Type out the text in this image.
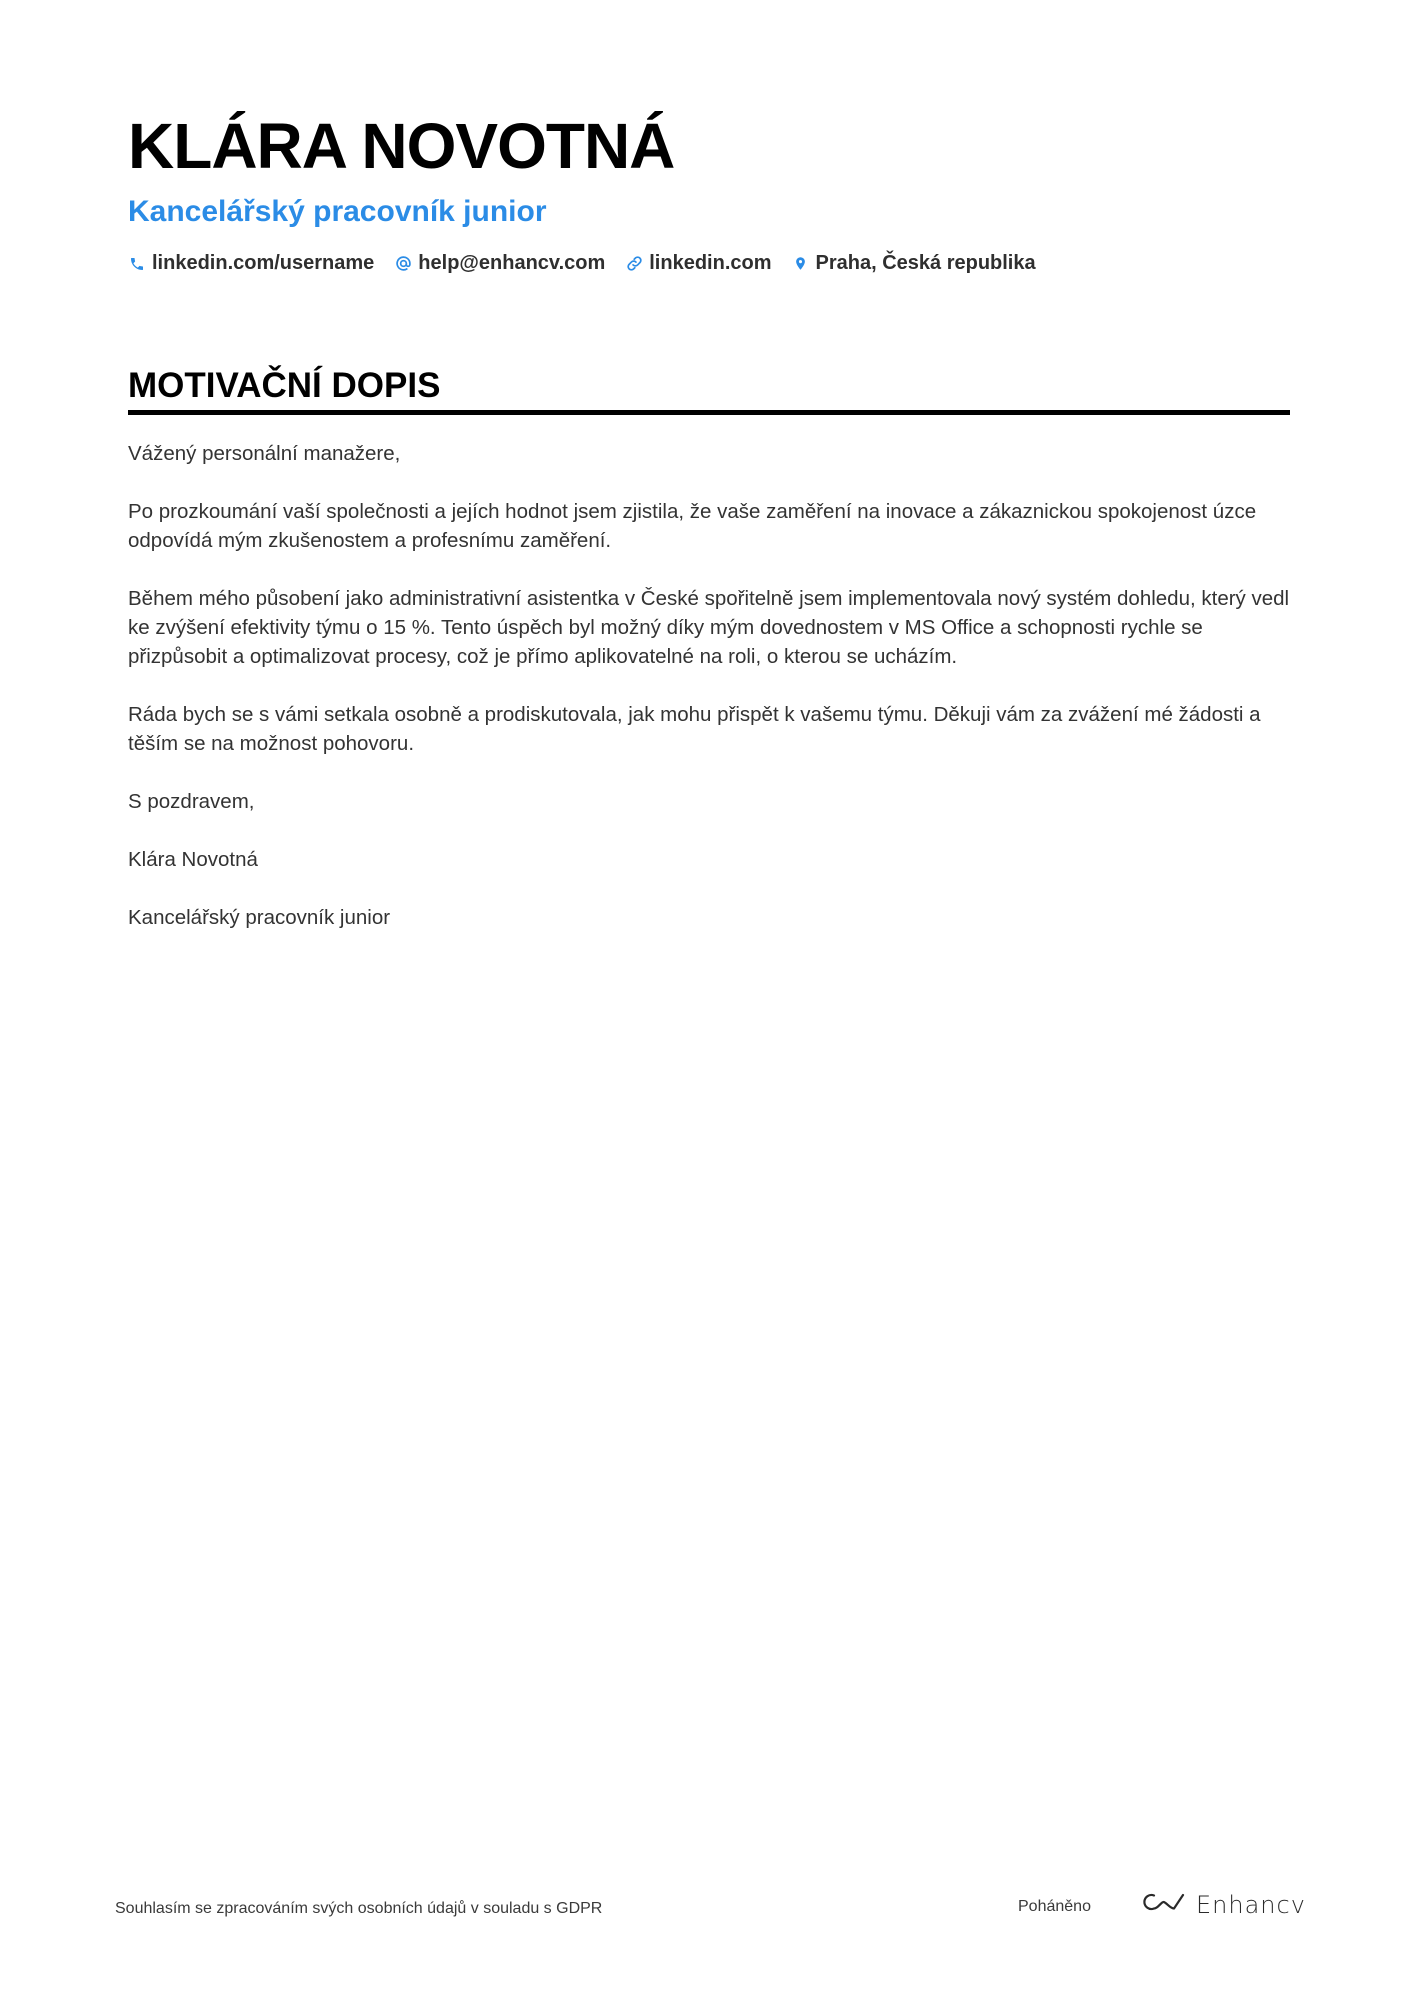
KLÁRA NOVOTNÁ
Kancelářský pracovník junior
linkedin.com/username help@enhancv.com linkedin.com Praha, Česká republika
MOTIVAČNÍ DOPIS

Vážený personální manažere,

Po prozkoumání vaší společnosti a jejích hodnot jsem zjistila, že vaše zaměření na inovace a zákaznickou spokojenost úzce odpovídá mým zkušenostem a profesnímu zaměření.

Během mého působení jako administrativní asistentka v České spořitelně jsem implementovala nový systém dohledu, který vedl ke zvýšení efektivity týmu o 15 %. Tento úspěch byl možný díky mým dovednostem v MS Office a schopnosti rychle se přizpůsobit a optimalizovat procesy, což je přímo aplikovatelné na roli, o kterou se ucházím.

Ráda bych se s vámi setkala osobně a prodiskutovala, jak mohu přispět k vašemu týmu. Děkuji vám za zvážení mé žádosti a těším se na možnost pohovoru.

S pozdravem,

Klára Novotná

Kancelářský pracovník junior

Souhlasím se zpracováním svých osobních údajů v souladu s GDPR	Poháněno	Enhancv
